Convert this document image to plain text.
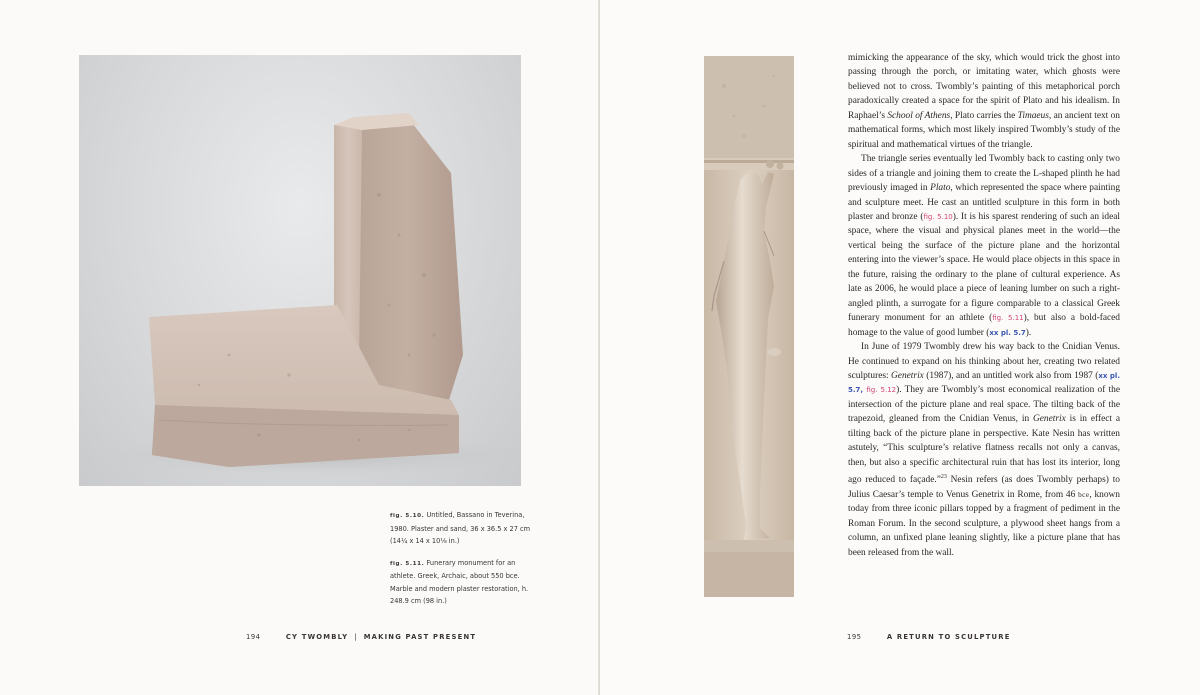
fig. 5.10. Untitled, Bassano in Teverina, 1980. Plaster and sand, 36 x 36.5 x 27 cm (14¼ x 14 x 10⅛ in.)
fig. 5.11. Funerary monument for an athlete. Greek, Archaic, about 550 bce. Marble and modern plaster restoration, h. 248.9 cm (98 in.)
194	CY TWOMBLY | MAKING PAST PRESENT

mimicking the appearance of the sky, which would trick the ghost into passing through the porch, or imitating water, which ghosts were believed not to cross. Twombly’s painting of this metaphorical porch paradoxically created a space for the spirit of Plato and his idealism. In Raphael’s School of Athens, Plato carries the Timaeus, an ancient text on mathematical forms, which most likely inspired Twombly’s study of the spiritual and mathematical virtues of the triangle.

The triangle series eventually led Twombly back to casting only two sides of a triangle and joining them to create the L-shaped plinth he had previously imaged in Plato, which represented the space where painting and sculpture meet. He cast an untitled sculpture in this form in both plaster and bronze (fig. 5.10). It is his sparest rendering of such an ideal space, where the visual and physical planes meet in the world—the vertical being the surface of the picture plane and the horizontal entering into the viewer’s space. He would place objects in this space in the future, raising the ordinary to the plane of cultural experience. As late as 2006, he would place a piece of leaning lumber on such a right-angled plinth, a surrogate for a figure comparable to a classical Greek funerary monument for an athlete (fig. 5.11), but also a bold-faced homage to the value of good lumber (xx pl. 5.7).

In June of 1979 Twombly drew his way back to the Cnidian Venus. He continued to expand on his thinking about her, creating two related sculptures: Genetrix (1987), and an untitled work also from 1987 (xx pl. 5.7, fig. 5.12). They are Twombly’s most economical realization of the intersection of the picture plane and real space. The tilting back of the trapezoid, gleaned from the Cnidian Venus, in Genetrix is in effect a tilting back of the picture plane in perspective. Kate Nesin has written astutely, “This sculpture’s relative flatness recalls not only a canvas, then, but also a specific architectural ruin that has lost its interior, long ago reduced to façade.”$^{23}$ Nesin refers (as does Twombly perhaps) to Julius Caesar’s temple to Venus Genetrix in Rome, from 46 bce, known today from three iconic pillars topped by a fragment of pediment in the Roman Forum. In the second sculpture, a plywood sheet hangs from a column, an unfixed plane leaning slightly, like a picture plane that has been released from the wall.

195	A RETURN TO SCULPTURE
